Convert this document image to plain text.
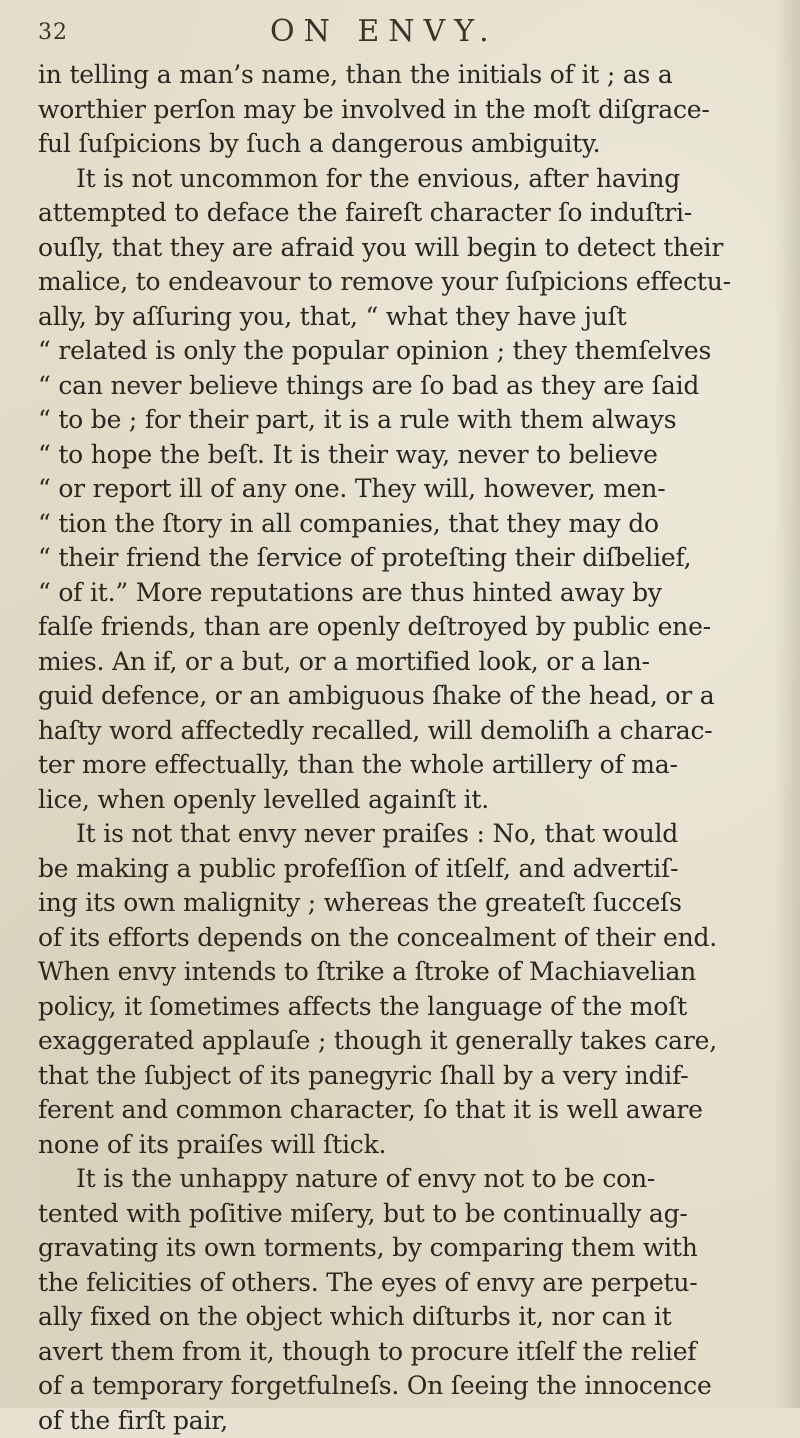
32	ON ENVY.
in telling a man’s name, than the initials of it ; as a
worthier perſon may be involved in the moſt diſgrace-
ful ſuſpicions by ſuch a dangerous ambiguity.
It is not uncommon for the envious, after having
attempted to deface the faireſt character ſo induſtri-
ouſly, that they are afraid you will begin to detect their
malice, to endeavour to remove your ſuſpicions effectu-
ally, by aſſuring you, that, “ what they have juſt
“ related is only the popular opinion ; they themſelves
“ can never believe things are ſo bad as they are ſaid
“ to be ; for their part, it is a rule with them always
“ to hope the beſt. It is their way, never to believe
“ or report ill of any one. They will, however, men-
“ tion the ſtory in all companies, that they may do
“ their friend the ſervice of proteſting their diſbelief,
“ of it.” More reputations are thus hinted away by
falſe friends, than are openly deſtroyed by public ene-
mies. An if, or a but, or a mortified look, or a lan-
guid defence, or an ambiguous ſhake of the head, or a
haſty word affectedly recalled, will demoliſh a charac-
ter more effectually, than the whole artillery of ma-
lice, when openly levelled againſt it.
It is not that envy never praiſes : No, that would
be making a public profeſſion of itſelf, and advertiſ-
ing its own malignity ; whereas the greateſt ſucceſs
of its efforts depends on the concealment of their end.
When envy intends to ſtrike a ſtroke of Machiavelian
policy, it ſometimes affects the language of the moſt
exaggerated applauſe ; though it generally takes care,
that the ſubject of its panegyric ſhall by a very indif-
ferent and common character, ſo that it is well aware
none of its praiſes will ſtick.
It is the unhappy nature of envy not to be con-
tented with poſitive miſery, but to be continually ag-
gravating its own torments, by comparing them with
the felicities of others. The eyes of envy are perpetu-
ally fixed on the object which diſturbs it, nor can it
avert them from it, though to procure itſelf the relief
of a temporary forgetfulneſs. On ſeeing the innocence
of the firſt pair,
